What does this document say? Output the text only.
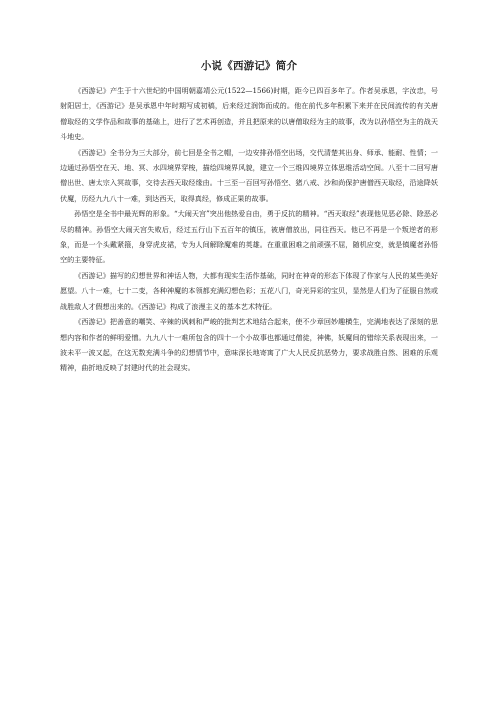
小说《西游记》简介

《西游记》产生于十六世纪的中国明朝嘉靖公元(1522—1566)时期，距今已四百多年了。作者吴承恩，字汝忠，号射阳居士，《西游记》是吴承恩中年时期写成初稿，后来经过润饰而成的。他在前代多年积累下来并在民间流传的有关唐僧取经的文学作品和故事的基础上，进行了艺术再创造，并且把原来的以唐僧取经为主的故事，改为以孙悟空为主的战天斗地史。

《西游记》全书分为三大部分，前七回是全书之帽，一边安排孙悟空出场，交代清楚其出身、师承、能耐、性情；一边通过孙悟空在天、地、冥、水四境界穿梭，描绘四境界风貌，建立一个三维四境界立体思维活动空间。八至十二回写唐僧出世、唐太宗入冥故事，交待去西天取经缘由。十三至一百回写孙悟空、猪八戒、沙和尚保护唐僧西天取经，沿途降妖伏魔，历经九九八十一难，到达西天，取得真经，修成正果的故事。

孙悟空是全书中最光辉的形象。“大闹天宫”突出他热爱自由，勇于反抗的精神。“西天取经”表现他见恶必除、除恶必尽的精神。孙悟空大闹天宫失败后，经过五行山下五百年的镇压，被唐僧放出，同往西天。他已不再是一个叛逆者的形象，而是一个头戴紧箍，身穿虎皮裙，专为人间解除魔难的英雄。在重重困难之前顽强不屈，随机应变，就是镇魔者孙悟空的主要特征。

《西游记》描写的幻想世界和神话人物，大都有现实生活作基础，同时在神奇的形态下体现了作家与人民的某些美好愿望。八十一难，七十二变，各种神魔的本领都充满幻想色彩；五花八门，奇光异彩的宝贝，显然是人们为了征服自然或战胜敌人才假想出来的。《西游记》构成了浪漫主义的基本艺术特征。

《西游记》把善意的嘲笑、辛辣的讽刺和严峻的批判艺术地结合起来，使不少章回妙趣横生，完满地表达了深刻的思想内容和作者的鲜明爱憎。九九八十一难所包含的四十一个小故事也都通过僧徒，神佛，妖魔间的错综关系表现出来，一波未平一波又起，在这无数充满斗争的幻想情节中，意味深长地寄寓了广大人民反抗恶势力，要求战胜自然、困难的乐观精神，曲折地反映了封建时代的社会现实。
